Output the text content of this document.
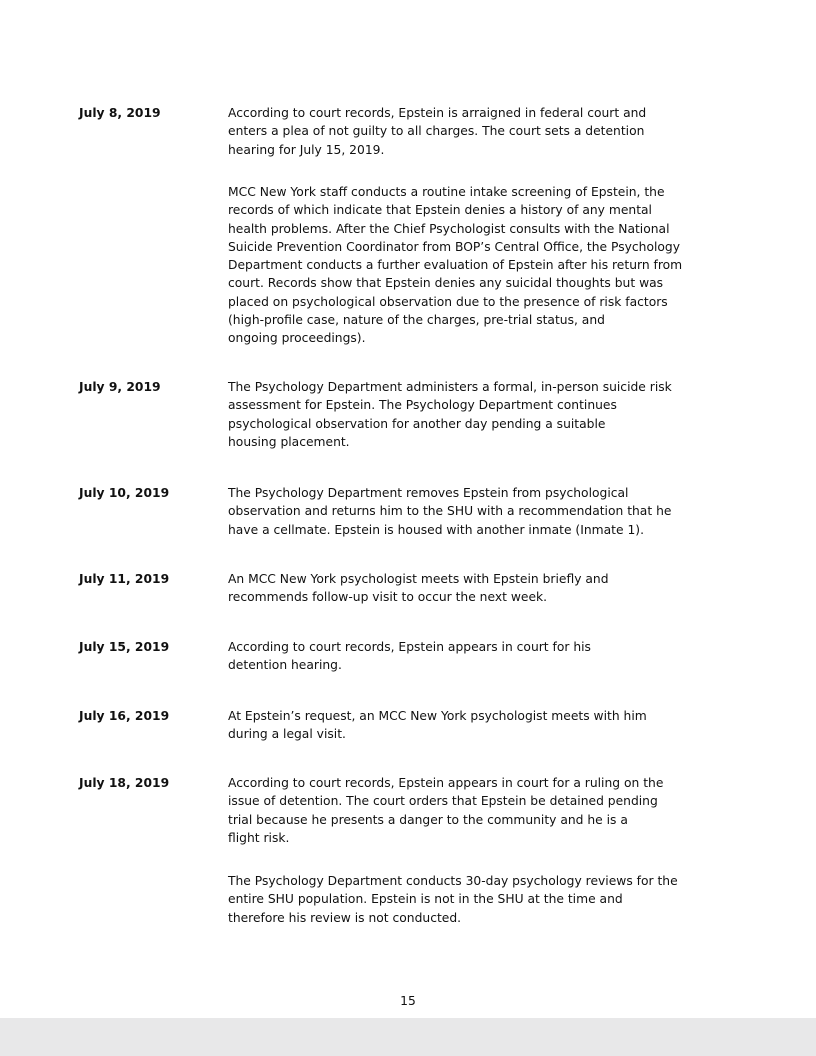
July 8, 2019	According to court records, Epstein is arraigned in federal court and
enters a plea of not guilty to all charges. The court sets a detention
hearing for July 15, 2019.

MCC New York staff conducts a routine intake screening of Epstein, the
records of which indicate that Epstein denies a history of any mental
health problems. After the Chief Psychologist consults with the National
Suicide Prevention Coordinator from BOP’s Central Office, the Psychology
Department conducts a further evaluation of Epstein after his return from
court. Records show that Epstein denies any suicidal thoughts but was
placed on psychological observation due to the presence of risk factors
(high-profile case, nature of the charges, pre-trial status, and
ongoing proceedings).

July 9, 2019	The Psychology Department administers a formal, in-person suicide risk
assessment for Epstein. The Psychology Department continues
psychological observation for another day pending a suitable
housing placement.

July 10, 2019	The Psychology Department removes Epstein from psychological
observation and returns him to the SHU with a recommendation that he
have a cellmate. Epstein is housed with another inmate (Inmate 1).

July 11, 2019	An MCC New York psychologist meets with Epstein briefly and
recommends follow-up visit to occur the next week.

July 15, 2019	According to court records, Epstein appears in court for his
detention hearing.

July 16, 2019	At Epstein’s request, an MCC New York psychologist meets with him
during a legal visit.

July 18, 2019	According to court records, Epstein appears in court for a ruling on the
issue of detention. The court orders that Epstein be detained pending
trial because he presents a danger to the community and he is a
flight risk.

The Psychology Department conducts 30-day psychology reviews for the
entire SHU population. Epstein is not in the SHU at the time and
therefore his review is not conducted.

15
